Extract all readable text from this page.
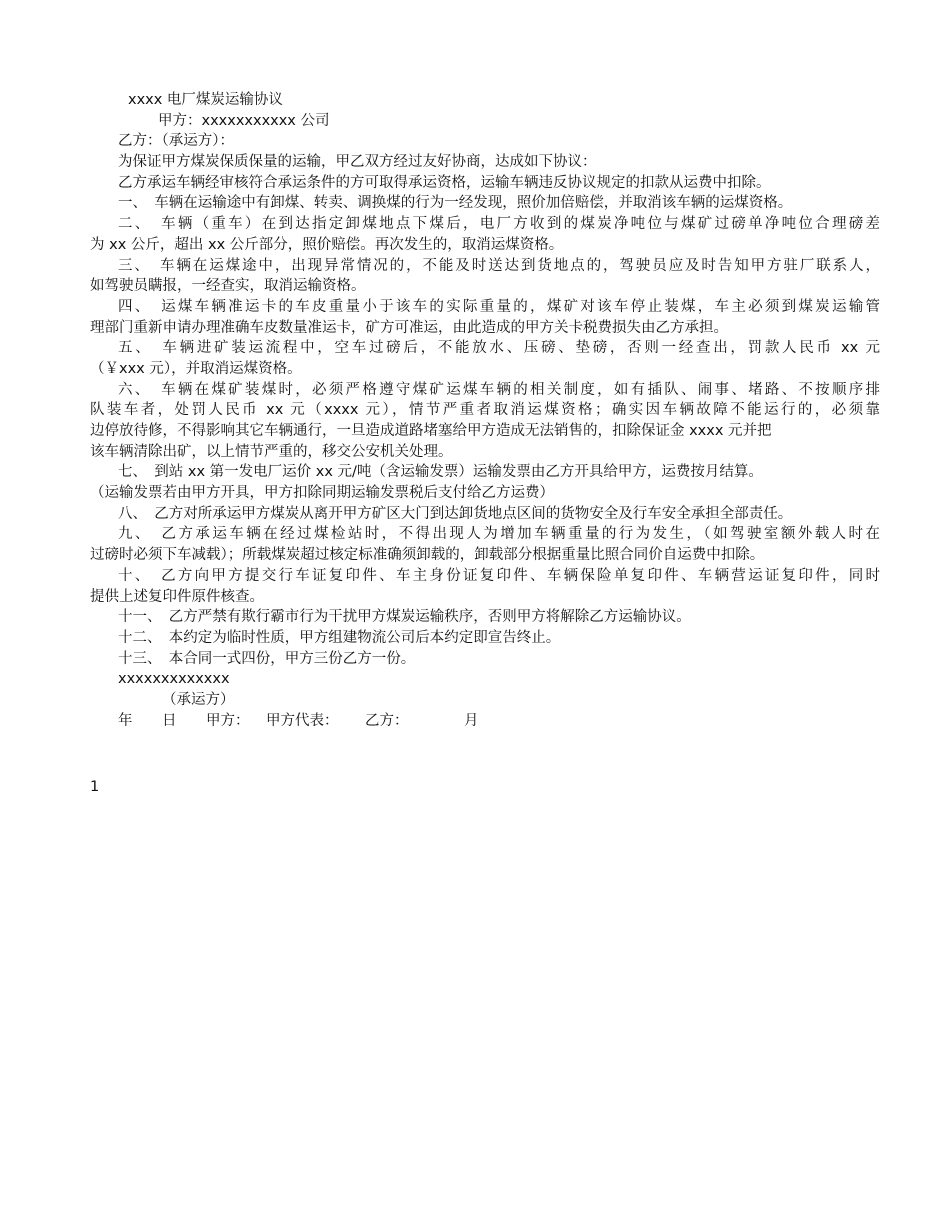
xxxx 电厂煤炭运输协议
甲方：xxxxxxxxxxx 公司
乙方：（承运方）：
为保证甲方煤炭保质保量的运输，甲乙双方经过友好协商，达成如下协议：
乙方承运车辆经审核符合承运条件的方可取得承运资格，运输车辆违反协议规定的扣款从运费中扣除。
一、　车辆在运输途中有卸煤、转卖、调换煤的行为一经发现，照价加倍赔偿，并取消该车辆的运煤资格。
二、　车辆（重车）在到达指定卸煤地点下煤后，电厂方收到的煤炭净吨位与煤矿过磅单净吨位合理磅差
为 xx 公斤，超出 xx 公斤部分，照价赔偿。再次发生的，取消运煤资格。
三、　车辆在运煤途中，出现异常情况的，不能及时送达到货地点的，驾驶员应及时告知甲方驻厂联系人，
如驾驶员瞒报，一经查实，取消运输资格。
四、　运煤车辆准运卡的车皮重量小于该车的实际重量的，煤矿对该车停止装煤，车主必须到煤炭运输管
理部门重新申请办理准确车皮数量准运卡，矿方可准运，由此造成的甲方关卡税费损失由乙方承担。
五、　车辆进矿装运流程中，空车过磅后，不能放水、压磅、垫磅，否则一经查出，罚款人民币 xx 元
（￥xxx 元），并取消运煤资格。
六、　车辆在煤矿装煤时，必须严格遵守煤矿运煤车辆的相关制度，如有插队、闹事、堵路、不按顺序排
队装车者，处罚人民币 xx 元（xxxx 元），情节严重者取消运煤资格；确实因车辆故障不能运行的，必须靠
边停放待修，不得影响其它车辆通行，一旦造成道路堵塞给甲方造成无法销售的，扣除保证金 xxxx 元并把
该车辆清除出矿，以上情节严重的，移交公安机关处理。
七、　到站 xx 第一发电厂运价 xx 元/吨（含运输发票）运输发票由乙方开具给甲方，运费按月结算。
（运输发票若由甲方开具，甲方扣除同期运输发票税后支付给乙方运费）
八、　乙方对所承运甲方煤炭从离开甲方矿区大门到达卸货地点区间的货物安全及行车安全承担全部责任。
九、　乙方承运车辆在经过煤检站时，不得出现人为增加车辆重量的行为发生，（如驾驶室额外载人时在
过磅时必须下车减载）；所载煤炭超过核定标准确须卸载的，卸载部分根据重量比照合同价自运费中扣除。
十、　乙方向甲方提交行车证复印件、车主身份证复印件、车辆保险单复印件、车辆营运证复印件，同时
提供上述复印件原件核查。
十一、　乙方严禁有欺行霸市行为干扰甲方煤炭运输秩序，否则甲方将解除乙方运输协议。
十二、　本约定为临时性质，甲方组建物流公司后本约定即宣告终止。
十三、　本合同一式四份，甲方三份乙方一份。
xxxxxxxxxxxxx
（承运方）
年 日 甲方： 甲方代表： 乙方：	月
1
